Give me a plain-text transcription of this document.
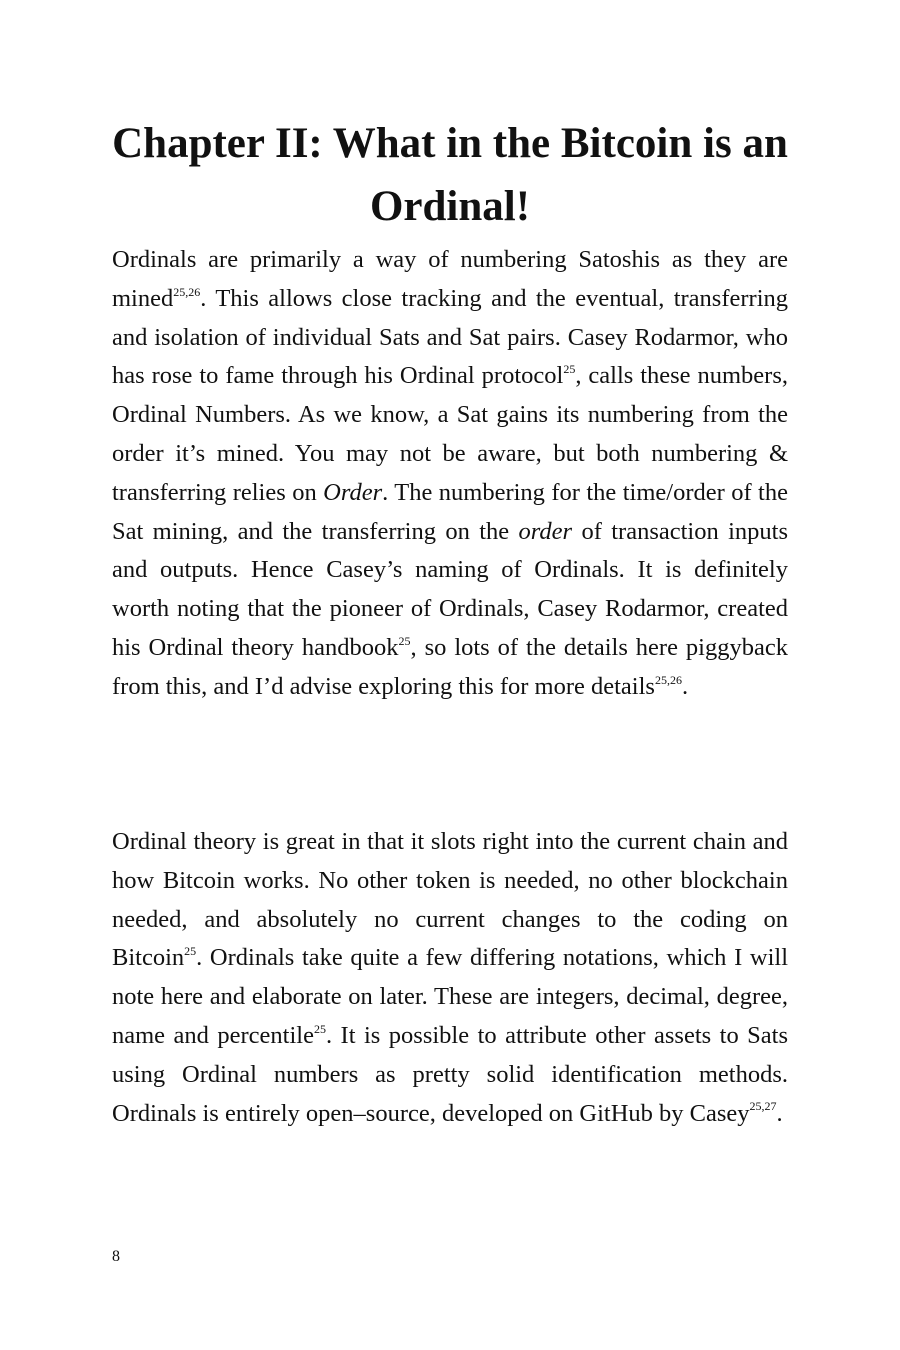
Chapter II: What in the Bitcoin is an Ordinal!

Ordinals are primarily a way of numbering Satoshis as they are mined$^{25,26}$. This allows close tracking and the eventual, transferring and isolation of individual Sats and Sat pairs. Casey Rodarmor, who has rose to fame through his Ordinal protocol$^{25}$, calls these numbers, Ordinal Numbers. As we know, a Sat gains its numbering from the order it’s mined. You may not be aware, but both numbering & transferring relies on Order. The numbering for the time/order of the Sat mining, and the transferring on the order of transaction inputs and outputs. Hence Casey’s naming of Ordinals. It is definitely worth noting that the pioneer of Ordinals, Casey Rodarmor, created his Ordinal theory handbook$^{25}$, so lots of the details here piggyback from this, and I’d advise exploring this for more details$^{25,26}$.

Ordinal theory is great in that it slots right into the current chain and how Bitcoin works. No other token is needed, no other blockchain needed, and absolutely no current changes to the coding on Bitcoin$^{25}$. Ordinals take quite a few differing notations, which I will note here and elaborate on later. These are integers, decimal, degree, name and percentile$^{25}$. It is possible to attribute other assets to Sats using Ordinal numbers as pretty solid identification methods. Ordinals is entirely open–source, developed on GitHub by Casey$^{25,27}$.

8
